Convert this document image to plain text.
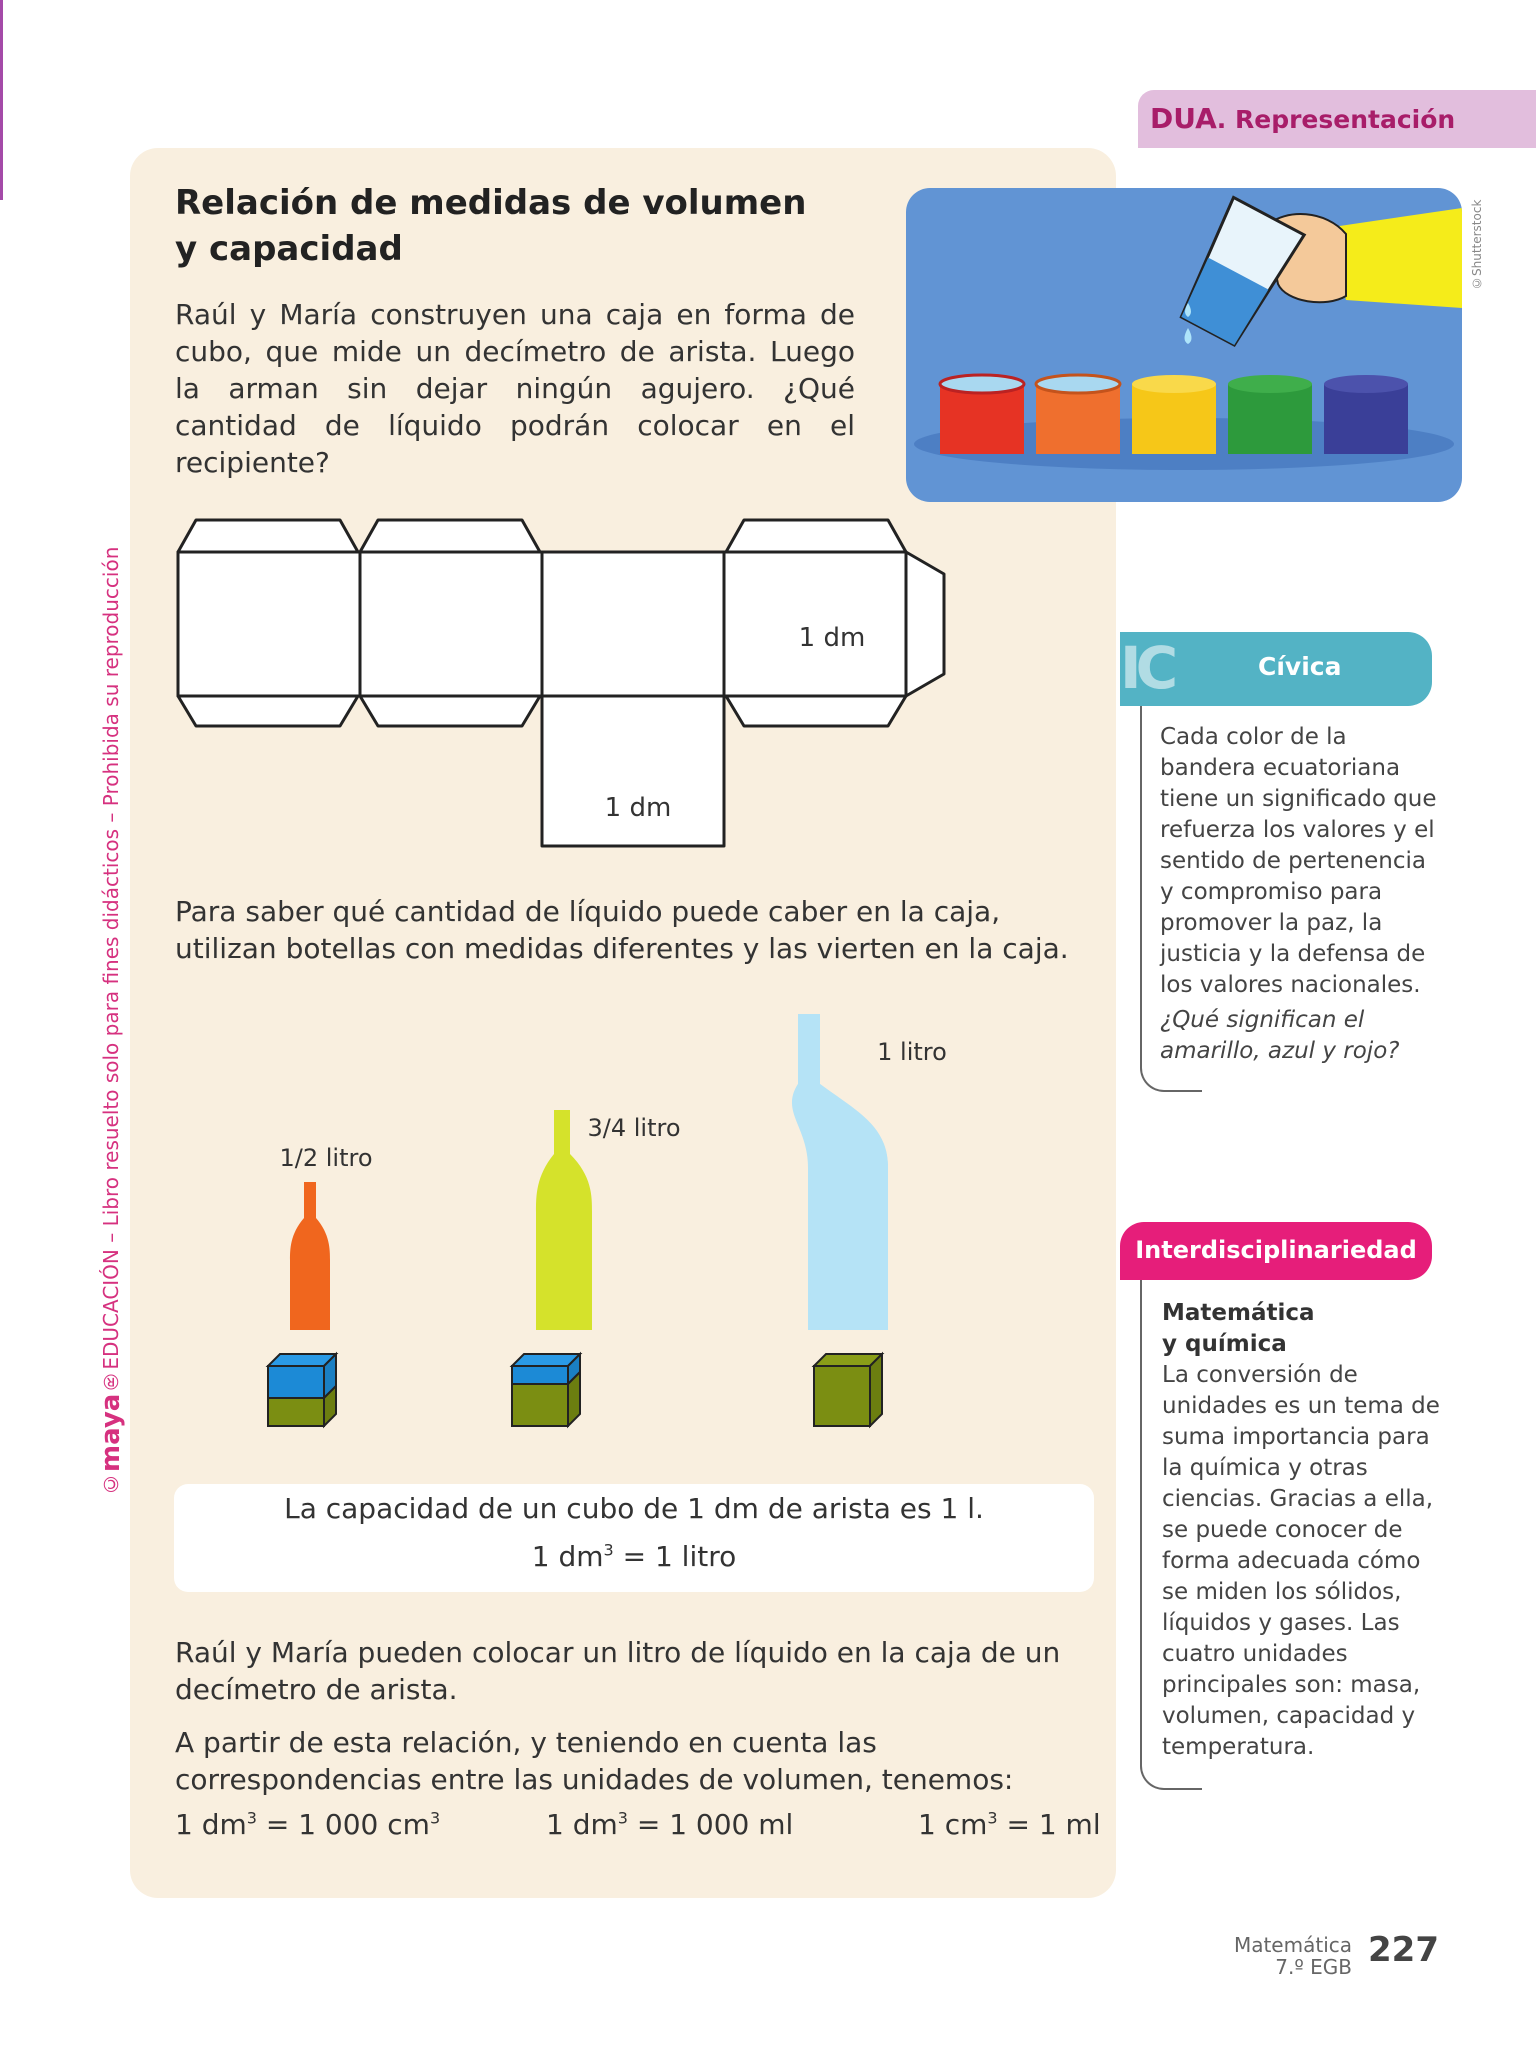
DUA. Representación
©maya®EDUCACIÓN – Libro resuelto solo para fines didácticos – Prohibida su reproducción
Relación de medidas de volumen
y capacidad
Raúl y María construyen una caja en forma de cubo, que mide un decímetro de arista. Luego la arman sin dejar ningún agujero. ¿Qué cantidad de líquido podrán colocar en el recipiente?
©Shutterstock
1 dm
1 dm
Para saber qué cantidad de líquido puede caber en la caja, utilizan botellas con medidas diferentes y las vierten en la caja.
1/2 litro
3/4 litro
1 litro
La capacidad de un cubo de 1 dm de arista es 1 l.
1 $dm^3 = 1$ litro
Raúl y María pueden colocar un litro de líquido en la caja de un decímetro de arista.
A partir de esta relación, y teniendo en cuenta las correspondencias entre las unidades de volumen, tenemos:
1 $dm^3 = 1$ 000 $cm^3$	1 $dm^3 = 1$ 000 ml	1 $cm^3 = 1$ ml
IC	Cívica
Cada color de la bandera ecuatoriana tiene un significado que refuerza los valores y el sentido de pertenencia y compromiso para promover la paz, la justicia y la defensa de los valores nacionales.
¿Qué significan el amarillo, azul y rojo?
Interdisciplinariedad
Matemática
y química
La conversión de unidades es un tema de suma importancia para la química y otras ciencias. Gracias a ella, se puede conocer de forma adecuada cómo se miden los sólidos, líquidos y gases. Las cuatro unidades principales son: masa, volumen, capacidad y temperatura.
Matemática
7.º EGB 227
